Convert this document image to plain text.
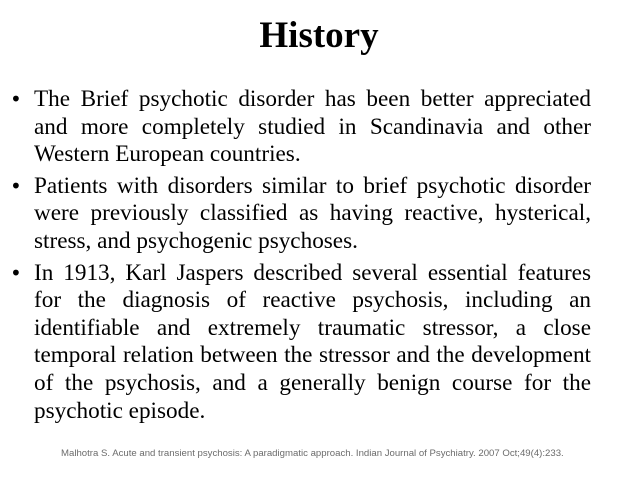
History
• The Brief psychotic disorder has been better appreciated and more completely studied in Scandinavia and other Western European countries.
• Patients with disorders similar to brief psychotic disorder were previously classified as having reactive, hysterical, stress, and psychogenic psychoses.
• In 1913, Karl Jaspers described several essential features for the diagnosis of reactive psychosis, including an identifiable and extremely traumatic stressor, a close temporal relation between the stressor and the development of the psychosis, and a generally benign course for the psychotic episode.
Malhotra S. Acute and transient psychosis: A paradigmatic approach. Indian Journal of Psychiatry. 2007 Oct;49(4):233.
